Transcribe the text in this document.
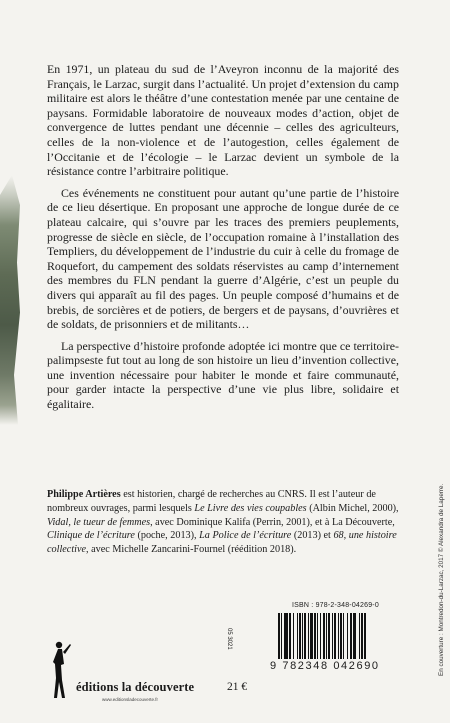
En 1971, un plateau du sud de l’Aveyron inconnu de la majorité des Français, le Larzac, surgit dans l’actualité. Un projet d’extension du camp militaire est alors le théâtre d’une contestation menée par une centaine de paysans. Formidable laboratoire de nouveaux modes d’action, objet de convergence de luttes pendant une décennie – celles des agriculteurs, celles de la non-violence et de l’autogestion, celles également de l’Occitanie et de l’écologie – le Larzac devient un symbole de la résistance contre l’arbitraire politique.

Ces événements ne constituent pour autant qu’une partie de l’histoire de ce lieu désertique. En proposant une approche de longue durée de ce plateau calcaire, qui s’ouvre par les traces des premiers peuplements, progresse de siècle en siècle, de l’occupation romaine à l’installation des Templiers, du développement de l’industrie du cuir à celle du fromage de Roquefort, du campement des soldats réservistes au camp d’internement des membres du FLN pendant la guerre d’Algérie, c’est un peuple du divers qui apparaît au fil des pages. Un peuple composé d’humains et de brebis, de sorcières et de potiers, de bergers et de paysans, d’ouvrières et de soldats, de prisonniers et de militants…

La perspective d’histoire profonde adoptée ici montre que ce territoire-palimpseste fut tout au long de son histoire un lieu d’invention collective, une invention nécessaire pour habiter le monde et faire communauté, pour garder intacte la perspective d’une vie plus libre, solidaire et égalitaire.

Philippe Artières est historien, chargé de recherches au CNRS. Il est l’auteur de nombreux ouvrages, parmi lesquels Le Livre des vies coupables (Albin Michel, 2000), Vidal, le tueur de femmes, avec Dominique Kalifa (Perrin, 2001), et à La Découverte, Clinique de l’écriture (poche, 2013), La Police de l’écriture (2013) et 68, une histoire collective, avec Michelle Zancarini-Fournel (réédition 2018).
ISBN : 978-2-348-04269-0
9 782348 042690
05 3021
éditions la découverte
www.editionsladecouverte.fr
21 €
En couverture : Montredon-du-Larzac, 2017 © Alexandra de Laperre.
